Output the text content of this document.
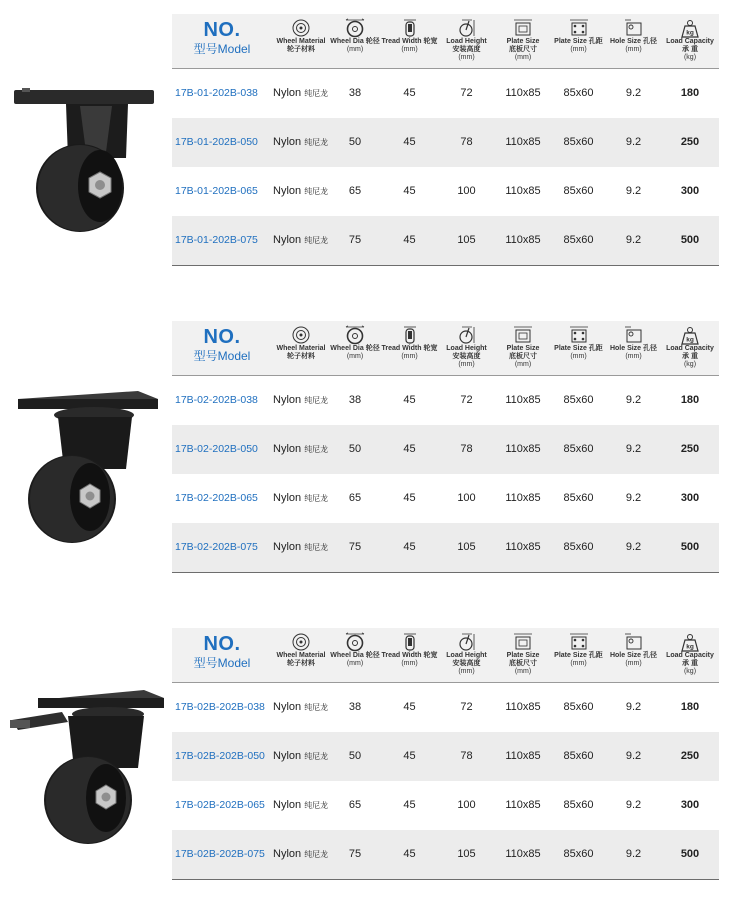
NO.
型号Model
Wheel Material
轮子材料
Wheel Dia 轮径
(mm)
Tread Width 轮宽
(mm)
Load Height
安装高度
(mm)
Plate Size
底板尺寸
(mm)
Plate Size 孔距
(mm)
Hole Size 孔径
(mm)
kg
Load Capacity
承 重
(kg)
17B-01-202B-038	Nylon 纯尼龙	38	45	72	110x85	85x60	9.2	180
17B-01-202B-050	Nylon 纯尼龙	50	45	78	110x85	85x60	9.2	250
17B-01-202B-065	Nylon 纯尼龙	65	45	100	110x85	85x60	9.2	300
17B-01-202B-075	Nylon 纯尼龙	75	45	105	110x85	85x60	9.2	500
NO.
型号Model
Wheel Material
轮子材料
Wheel Dia 轮径
(mm)
Tread Width 轮宽
(mm)
Load Height
安装高度
(mm)
Plate Size
底板尺寸
(mm)
Plate Size 孔距
(mm)
Hole Size 孔径
(mm)
kg
Load Capacity
承 重
(kg)
17B-02-202B-038	Nylon 纯尼龙	38	45	72	110x85	85x60	9.2	180
17B-02-202B-050	Nylon 纯尼龙	50	45	78	110x85	85x60	9.2	250
17B-02-202B-065	Nylon 纯尼龙	65	45	100	110x85	85x60	9.2	300
17B-02-202B-075	Nylon 纯尼龙	75	45	105	110x85	85x60	9.2	500
NO.
型号Model
Wheel Material
轮子材料
Wheel Dia 轮径
(mm)
Tread Width 轮宽
(mm)
Load Height
安装高度
(mm)
Plate Size
底板尺寸
(mm)
Plate Size 孔距
(mm)
Hole Size 孔径
(mm)
kg
Load Capacity
承 重
(kg)
17B-02B-202B-038 Nylon 纯尼龙	38	45	72	110x85	85x60	9.2	180
17B-02B-202B-050 Nylon 纯尼龙	50	45	78	110x85	85x60	9.2	250
17B-02B-202B-065 Nylon 纯尼龙	65	45	100	110x85	85x60	9.2	300
17B-02B-202B-075 Nylon 纯尼龙	75	45	105	110x85	85x60	9.2	500
